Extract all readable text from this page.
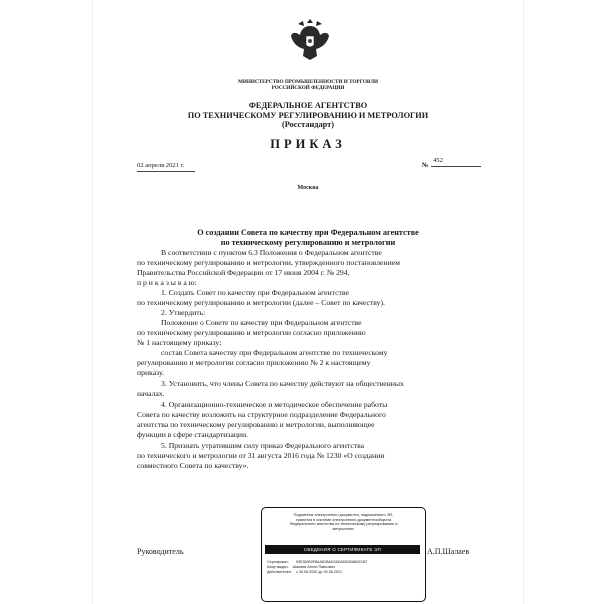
МИНИСТЕРСТВО ПРОМЫШЛЕННОСТИ И ТОРГОВЛИ
РОССИЙСКОЙ ФЕДЕРАЦИИ
ФЕДЕРАЛЬНОЕ АГЕНТСТВО
ПО ТЕХНИЧЕСКОМУ РЕГУЛИРОВАНИЮ И МЕТРОЛОГИИ
(Росстандарт)
ПРИКАЗ
02 апреля 2021 г.	№
452
Москва
О создании Совета по качеству при Федеральном агентстве
по техническому регулированию и метрологии

В соответствии с пунктом 6.3 Положения о Федеральном агентстве

по техническому регулированию и метрологии, утвержденного постановлением

Правительства Российской Федерации от 17 июня 2004 г. № 294,

п р и к а з ы в а ю:

1. Создать Совет по качеству при Федеральном агентстве

по техническому регулированию и метрологии (далее – Совет по качеству).

2. Утвердить:

Положение о Совете по качеству при Федеральном агентстве

по техническому регулированию и метрологии согласно приложению

№ 1 настоящему приказу;

состав Совета качеству при Федеральном агентстве по техническому

регулированию и метрологии согласно приложению № 2 к настоящему

приказу.

3. Установить, что члены Совета по качеству действуют на общественных

началах.

4. Организационно-техническое и методическое обеспечение работы

Совета по качеству возложить на структурное подразделение Федерального

агентства по техническому регулированию и метрологии, выполняющее

функции в сфере стандартизации.

5. Признать утратившим силу приказ Федерального агентства

по технического и метрологии от 31 августа 2016 года № 1230 «О создании

совместного Совета по качеству».

Руководитель	А.П.Шалаев
Подлинник электронного документа, подписанного ЭП,
хранится в системе электронного документооборота
Федерального агентства по техническому регулированию и
метрологии.
СВЕДЕНИЯ О СЕРТИФИКАТЕ ЭП
Сертификат: 03E36900F8AA81BAD4D0AD639AB0C087
Кому выдан: Шалаев Антон Павлович
Действителен: с 30.06.2020 до 30.06.2021
